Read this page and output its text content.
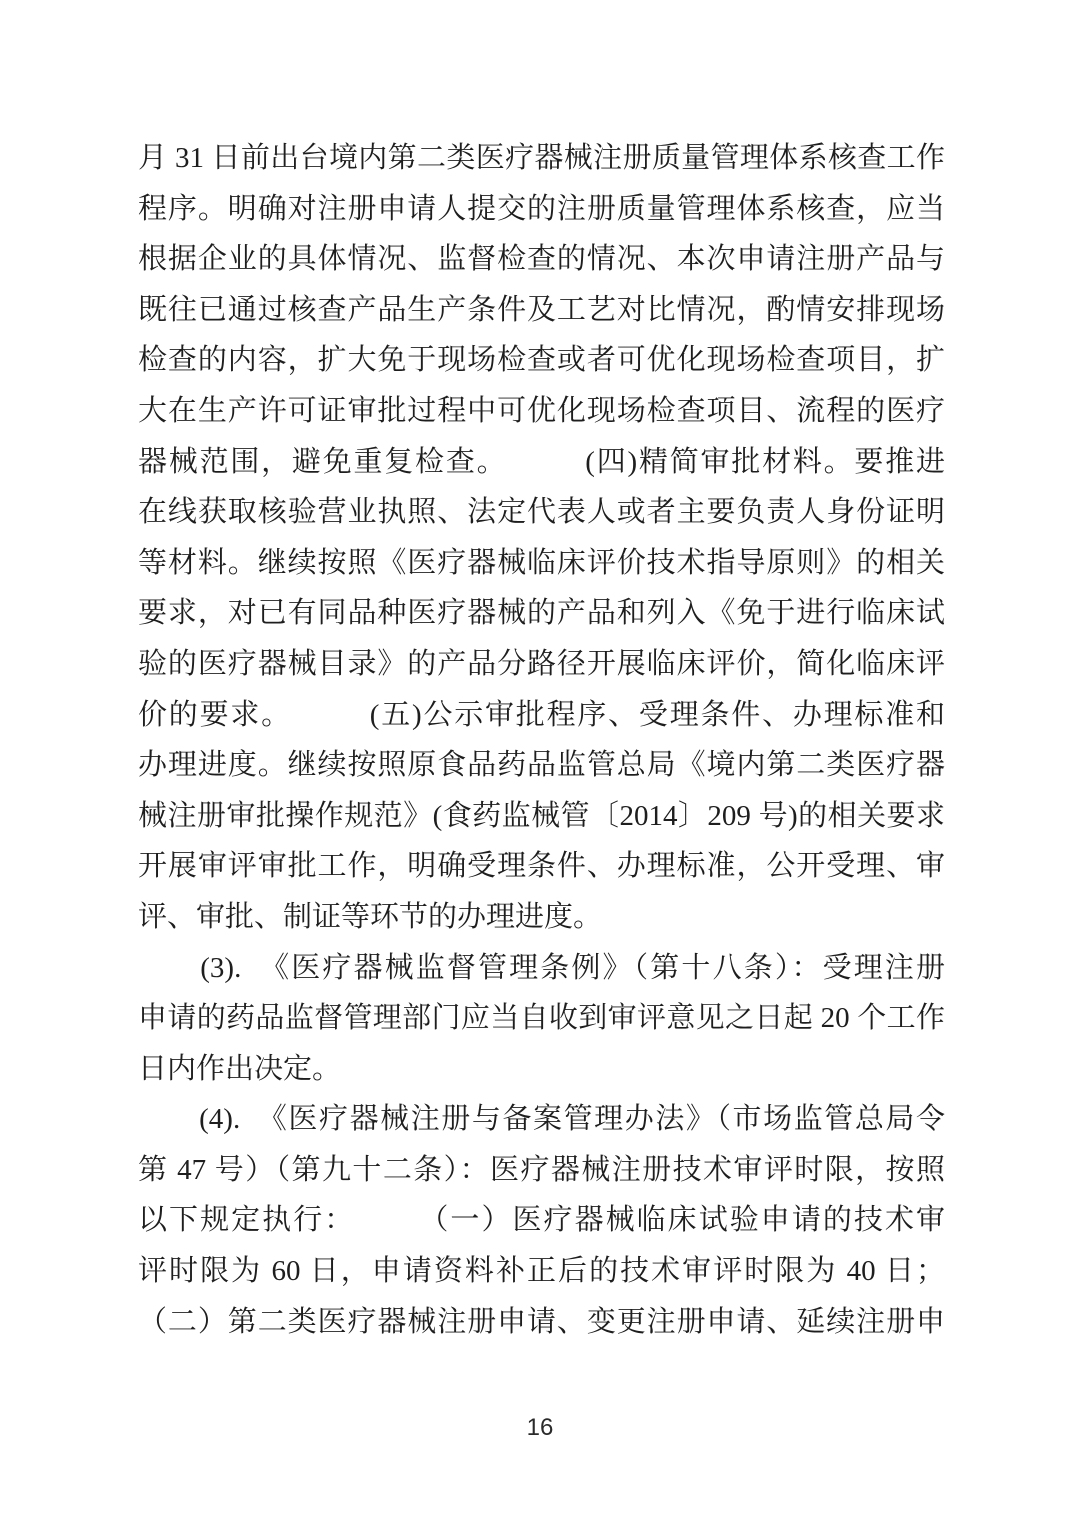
月 31 日前出台境内第二类医疗器械注册质量管理体系核查工作
程序。明确对注册申请人提交的注册质量管理体系核查，应当
根据企业的具体情况、监督检查的情况、本次申请注册产品与
既往已通过核查产品生产条件及工艺对比情况，酌情安排现场
检查的内容，扩大免于现场检查或者可优化现场检查项目，扩
大在生产许可证审批过程中可优化现场检查项目、流程的医疗
器械范围，避免重复检查。　　　(四)精简审批材料。要推进
在线获取核验营业执照、法定代表人或者主要负责人身份证明
等材料。继续按照《医疗器械临床评价技术指导原则》的相关
要求，对已有同品种医疗器械的产品和列入《免于进行临床试
验的医疗器械目录》的产品分路径开展临床评价，简化临床评
价的要求。　　　(五)公示审批程序、受理条件、办理标准和
办理进度。继续按照原食品药品监管总局《境内第二类医疗器
械注册审批操作规范》(食药监械管〔2014〕209 号)的相关要求
开展审评审批工作，明确受理条件、办理标准，公开受理、审
评、审批、制证等环节的办理进度。
　　(3).　《医疗器械监督管理条例》（第十八条）：受理注册
申请的药品监督管理部门应当自收到审评意见之日起 20 个工作
日内作出决定。
　　(4).　《医疗器械注册与备案管理办法》（市场监管总局令
第 47 号）（第九十二条）：医疗器械注册技术审评时限，按照
以下规定执行：　　　（一）医疗器械临床试验申请的技术审
评时限为 60 日，申请资料补正后的技术审评时限为 40 日；
（二）第二类医疗器械注册申请、变更注册申请、延续注册申
16
